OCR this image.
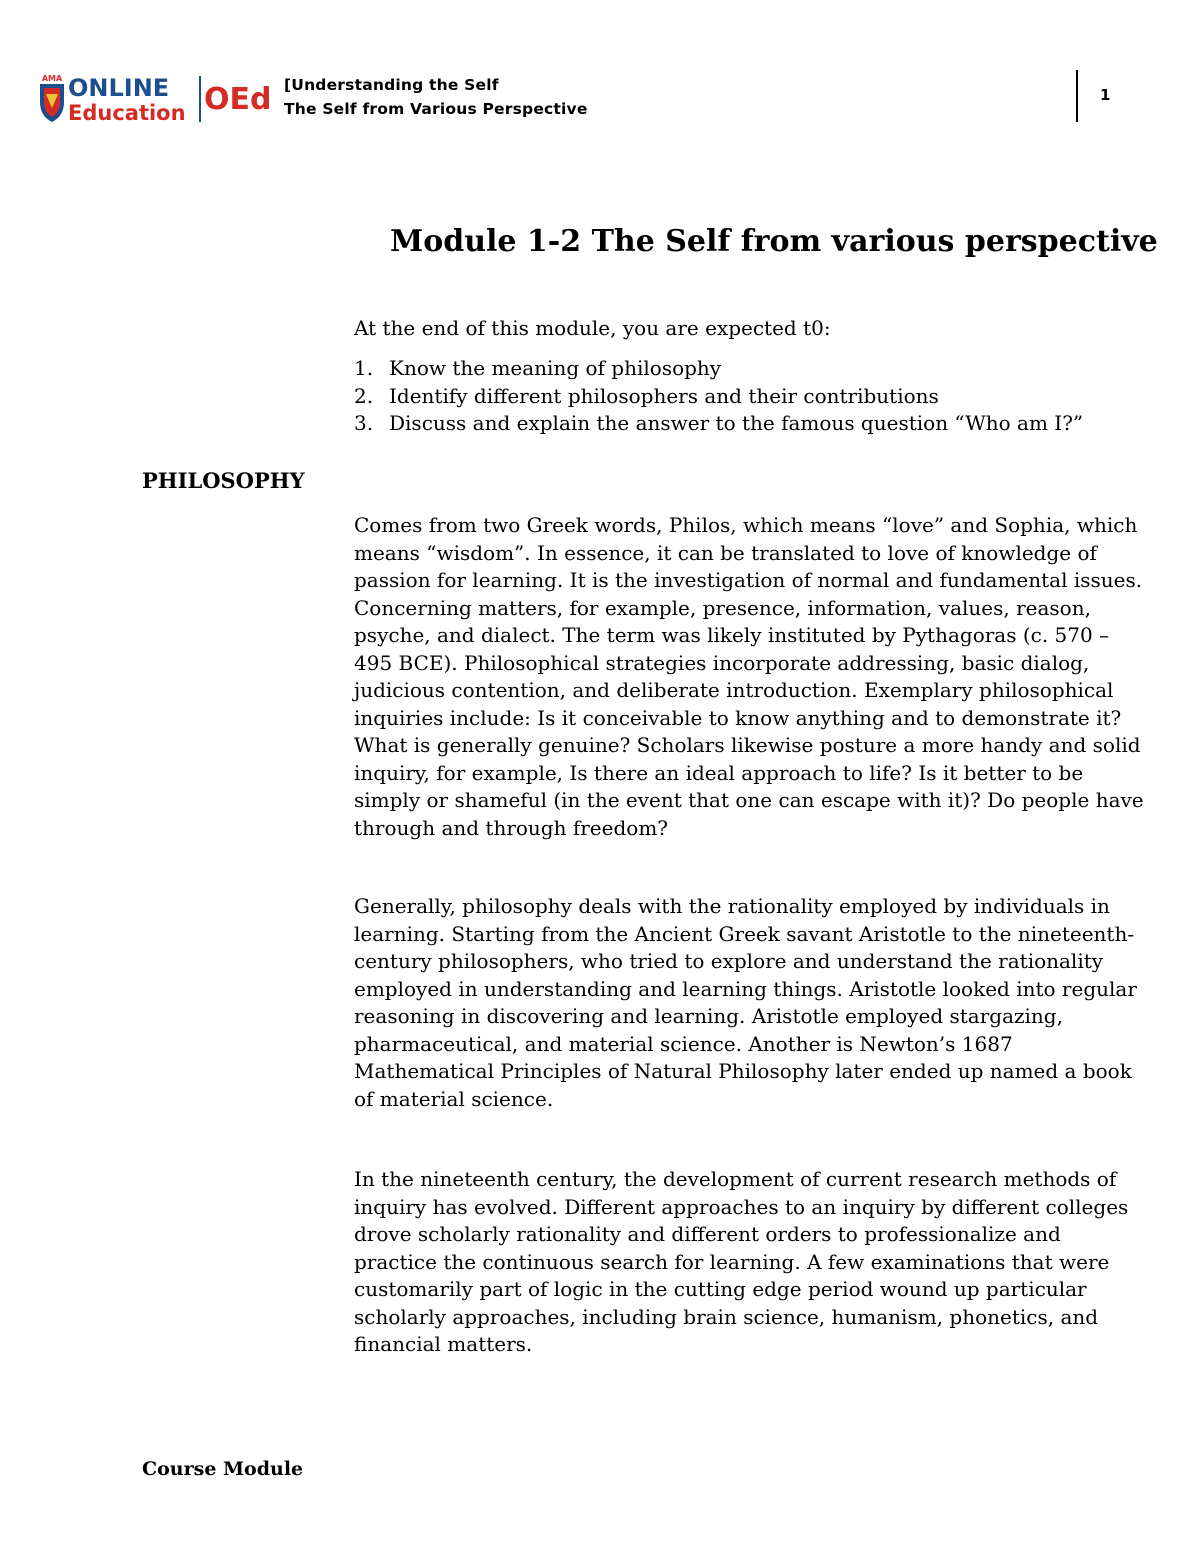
AMA ONLINE
Education OEd [Understanding the Self
The Self from Various Perspective
1
Module 1-2 The Self from various perspective
At the end of this module, you are expected t0:
1. Know the meaning of philosophy
2. Identify different philosophers and their contributions
3. Discuss and explain the answer to the famous question “Who am I?”
PHILOSOPHY

Comes from two Greek words, Philos, which means “love” and Sophia, which
means “wisdom”. In essence, it can be translated to love of knowledge of
passion for learning. It is the investigation of normal and fundamental issues.
Concerning matters, for example, presence, information, values, reason,
psyche, and dialect. The term was likely instituted by Pythagoras (c. 570 –
495 BCE). Philosophical strategies incorporate addressing, basic dialog,
judicious contention, and deliberate introduction. Exemplary philosophical
inquiries include: Is it conceivable to know anything and to demonstrate it?
What is generally genuine? Scholars likewise posture a more handy and solid
inquiry, for example, Is there an ideal approach to life? Is it better to be
simply or shameful (in the event that one can escape with it)? Do people have
through and through freedom?

Generally, philosophy deals with the rationality employed by individuals in
learning. Starting from the Ancient Greek savant Aristotle to the nineteenth-
century philosophers, who tried to explore and understand the rationality
employed in understanding and learning things. Aristotle looked into regular
reasoning in discovering and learning. Aristotle employed stargazing,
pharmaceutical, and material science. Another is Newton’s 1687
Mathematical Principles of Natural Philosophy later ended up named a book
of material science.

In the nineteenth century, the development of current research methods of
inquiry has evolved. Different approaches to an inquiry by different colleges
drove scholarly rationality and different orders to professionalize and
practice the continuous search for learning. A few examinations that were
customarily part of logic in the cutting edge period wound up particular
scholarly approaches, including brain science, humanism, phonetics, and
financial matters.

Course Module
